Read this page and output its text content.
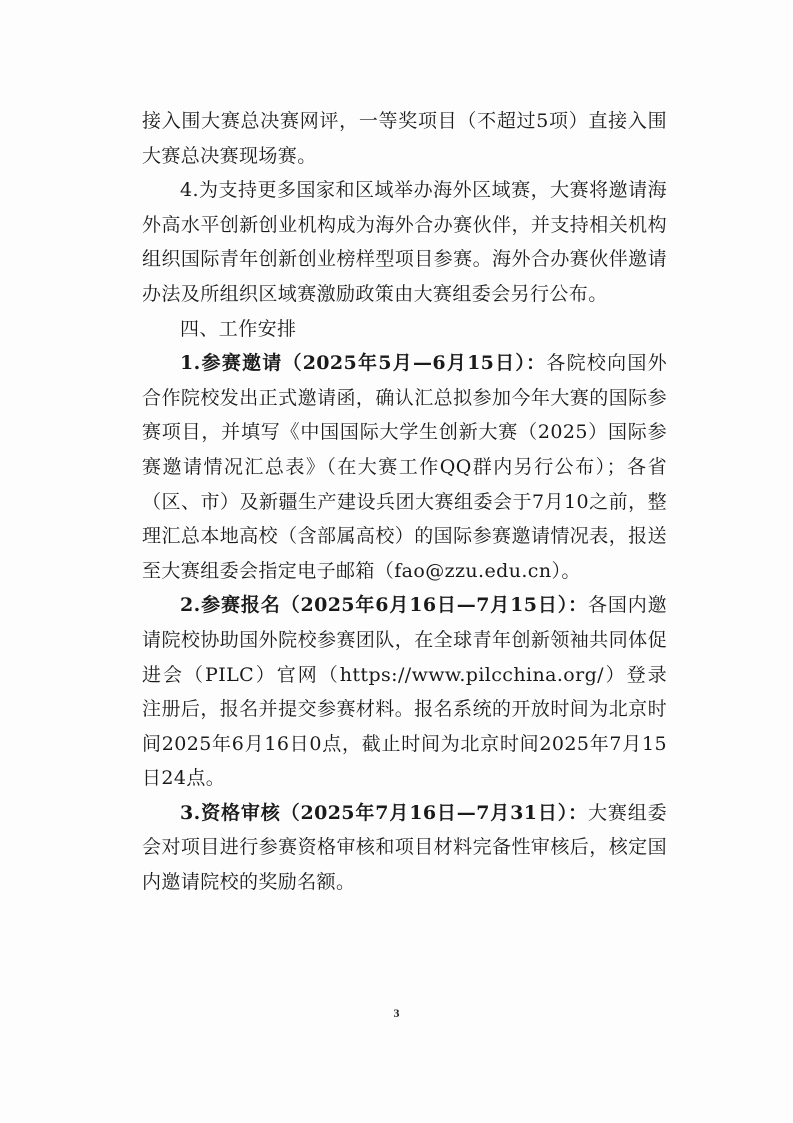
接入围大赛总决赛网评，一等奖项目（不超过5项）直接入围大赛总决赛现场赛。

4.为支持更多国家和区域举办海外区域赛，大赛将邀请海外高水平创新创业机构成为海外合办赛伙伴，并支持相关机构组织国际青年创新创业榜样型项目参赛。海外合办赛伙伴邀请办法及所组织区域赛激励政策由大赛组委会另行公布。

四、工作安排

1.参赛邀请（2025年5月—6月15日）：各院校向国外合作院校发出正式邀请函，确认汇总拟参加今年大赛的国际参赛项目，并填写《中国国际大学生创新大赛（2025）国际参赛邀请情况汇总表》（在大赛工作QQ群内另行公布）；各省（区、市）及新疆生产建设兵团大赛组委会于7月10之前，整理汇总本地高校（含部属高校）的国际参赛邀请情况表，报送至大赛组委会指定电子邮箱（fao@zzu.edu.cn）。

2.参赛报名（2025年6月16日—7月15日）：各国内邀请院校协助国外院校参赛团队，在全球青年创新领袖共同体促进会（PILC）官网（https://www.pilcchina.org/）登录注册后，报名并提交参赛材料。报名系统的开放时间为北京时间2025年6月16日0点，截止时间为北京时间2025年7月15日24点。

3.资格审核（2025年7月16日—7月31日）：大赛组委会对项目进行参赛资格审核和项目材料完备性审核后，核定国内邀请院校的奖励名额。

3
